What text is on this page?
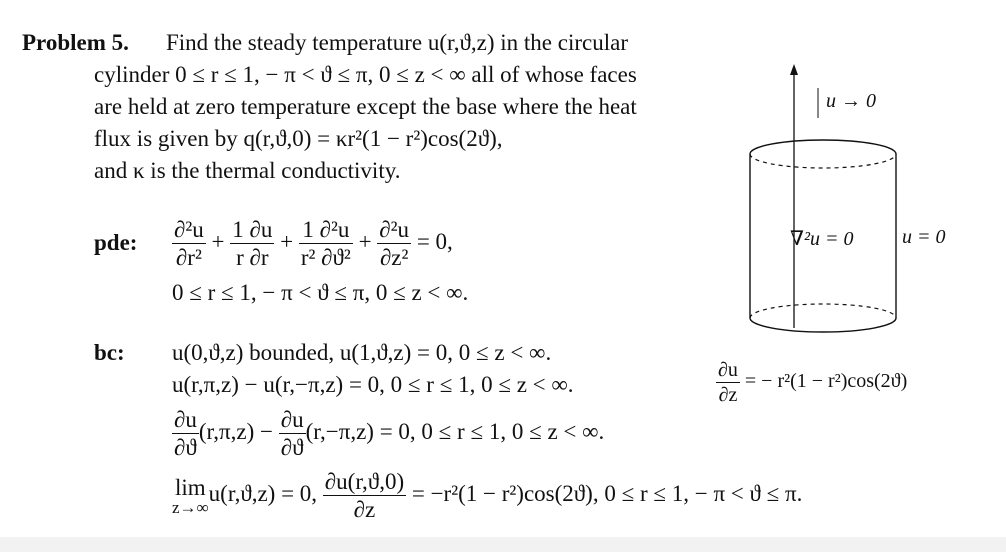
Problem 5. Find the steady temperature u(r,ϑ,z) in the circular
cylinder 0 ≤ r ≤ 1, − π < ϑ ≤ π, 0 ≤ z < ∞ all of whose faces
are held at zero temperature except the base where the heat
flux is given by q(r,ϑ,0) = κr²(1 − r²)cos(2ϑ),
and κ is the thermal conductivity.
pde: $\frac{\text{∂²u}}{\text{∂r²}} + \frac{1 \partial u}{r \partial r} + \frac{\text{1 ∂²u}}{\text{r² ∂ϑ²}} + \frac{\text{∂²u}}{\text{∂z²}} = 0$,
0 ≤ r ≤ 1, − π < ϑ ≤ π, 0 ≤ z < ∞.
bc: u(0,ϑ,z) bounded, u(1,ϑ,z) = 0, 0 ≤ z < ∞.
u(r,π,z) − u(r,−π,z) = 0, 0 ≤ r ≤ 1, 0 ≤ z < ∞.
$\frac{\partial u}{\partial ϑ} (r,\pi,z) - \frac{\partial u}{\partial ϑ} (r,-\pi,z) = 0$, 0 ≤ r ≤ 1, 0 ≤ z < ∞.
lim
z→∞
u(r,ϑ,z) = 0, $\frac{\partial u(r,ϑ,0)}{\partial z} = -r^2(1 - r^2)\cos(2ϑ)$, 0 ≤ r ≤ 1, − π < ϑ ≤ π.
u → 0
∇²u = 0 u = 0
$\frac{\partial u}{\partial z}$ = − r²(1 − r²)cos(2ϑ)
